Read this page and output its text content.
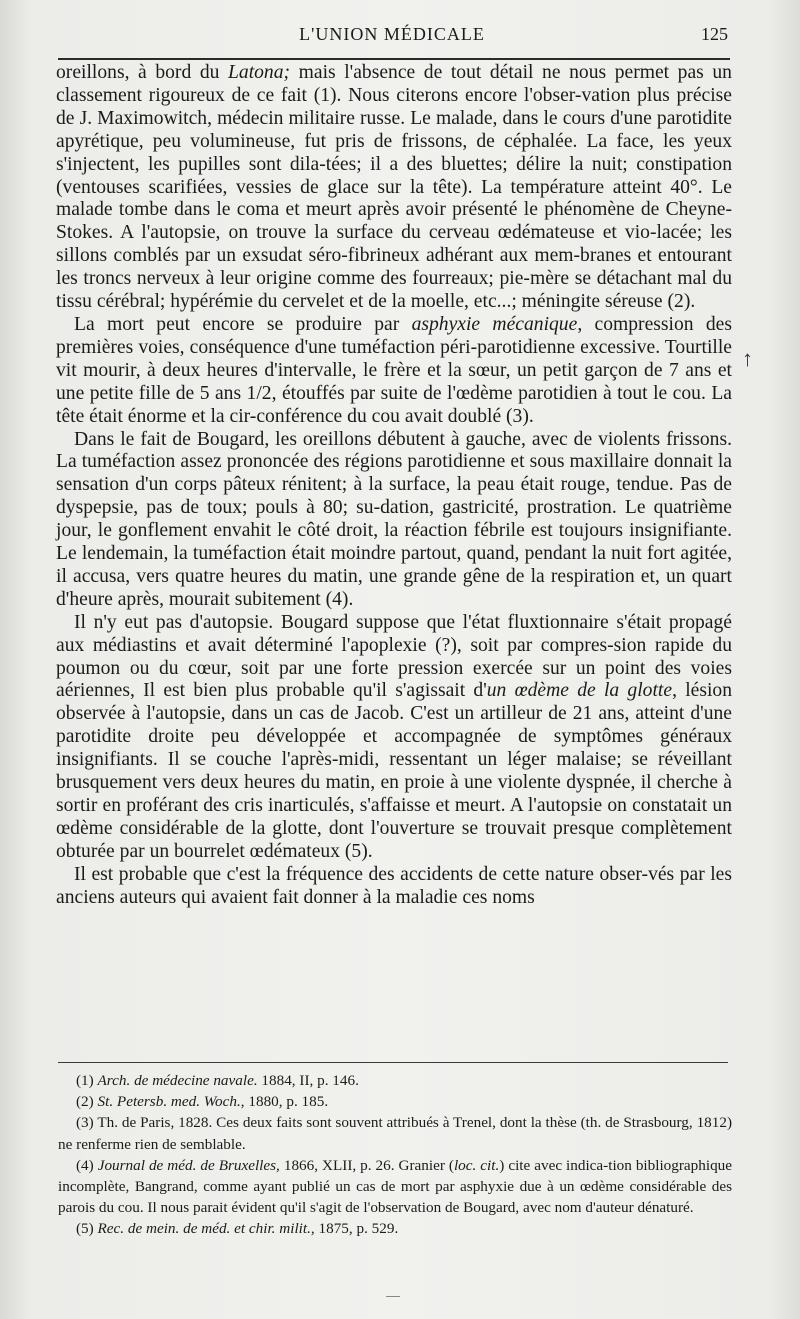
L'UNION MÉDICALE	125

oreillons, à bord du Latona; mais l'absence de tout détail ne nous permet pas un classement rigoureux de ce fait (1). Nous citerons encore l'obser-vation plus précise de J. Maximowitch, médecin militaire russe. Le malade, dans le cours d'une parotidite apyrétique, peu volumineuse, fut pris de frissons, de céphalée. La face, les yeux s'injectent, les pupilles sont dila-tées; il a des bluettes; délire la nuit; constipation (ventouses scarifiées, vessies de glace sur la tête). La température atteint 40°. Le malade tombe dans le coma et meurt après avoir présenté le phénomène de Cheyne-Stokes. A l'autopsie, on trouve la surface du cerveau œdémateuse et vio-lacée; les sillons comblés par un exsudat séro-fibrineux adhérant aux mem-branes et entourant les troncs nerveux à leur origine comme des fourreaux; pie-mère se détachant mal du tissu cérébral; hypérémie du cervelet et de la moelle, etc...; méningite séreuse (2).

La mort peut encore se produire par asphyxie mécanique, compression des premières voies, conséquence d'une tuméfaction péri-parotidienne excessive. Tourtille vit mourir, à deux heures d'intervalle, le frère et la sœur, un petit garçon de 7 ans et une petite fille de 5 ans 1/2, étouffés par suite de l'œdème parotidien à tout le cou. La tête était énorme et la cir-conférence du cou avait doublé (3).

Dans le fait de Bougard, les oreillons débutent à gauche, avec de violents frissons. La tuméfaction assez prononcée des régions parotidienne et sous maxillaire donnait la sensation d'un corps pâteux rénitent; à la surface, la peau était rouge, tendue. Pas de dyspepsie, pas de toux; pouls à 80; su-dation, gastricité, prostration. Le quatrième jour, le gonflement envahit le côté droit, la réaction fébrile est toujours insignifiante. Le lendemain, la tuméfaction était moindre partout, quand, pendant la nuit fort agitée, il accusa, vers quatre heures du matin, une grande gêne de la respiration et, un quart d'heure après, mourait subitement (4).

Il n'y eut pas d'autopsie. Bougard suppose que l'état fluxtionnaire s'était propagé aux médiastins et avait déterminé l'apoplexie (?), soit par compres-sion rapide du poumon ou du cœur, soit par une forte pression exercée sur un point des voies aériennes, Il est bien plus probable qu'il s'agissait d'un œdème de la glotte, lésion observée à l'autopsie, dans un cas de Jacob. C'est un artilleur de 21 ans, atteint d'une parotidite droite peu développée et accompagnée de symptômes généraux insignifiants. Il se couche l'après-midi, ressentant un léger malaise; se réveillant brusquement vers deux heures du matin, en proie à une violente dyspnée, il cherche à sortir en proférant des cris inarticulés, s'affaisse et meurt. A l'autopsie on constatait un œdème considérable de la glotte, dont l'ouverture se trouvait presque complètement obturée par un bourrelet œdémateux (5).

Il est probable que c'est la fréquence des accidents de cette nature obser-vés par les anciens auteurs qui avaient fait donner à la maladie ces noms

↑

(1) Arch. de médecine navale. 1884, II, p. 146.

(2) St. Petersb. med. Woch., 1880, p. 185.

(3) Th. de Paris, 1828. Ces deux faits sont souvent attribués à Trenel, dont la thèse (th. de Strasbourg, 1812) ne renferme rien de semblable.

(4) Journal de méd. de Bruxelles, 1866, XLII, p. 26. Granier (loc. cit.) cite avec indica-tion bibliographique incomplète, Bangrand, comme ayant publié un cas de mort par asphyxie due à un œdème considérable des parois du cou. Il nous parait évident qu'il s'agit de l'observation de Bougard, avec nom d'auteur dénaturé.

(5) Rec. de mein. de méd. et chir. milit., 1875, p. 529.
